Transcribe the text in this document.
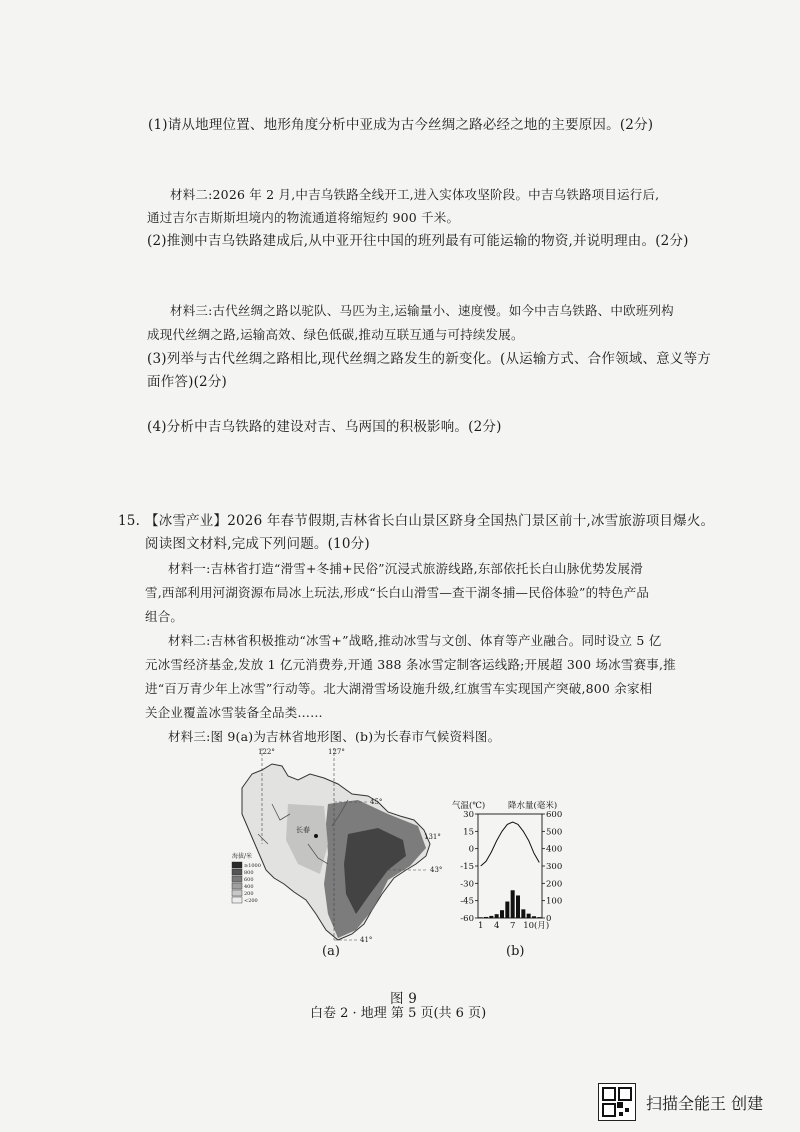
(1)请从地理位置、地形角度分析中亚成为古今丝绸之路必经之地的主要原因。(2分)
材料二:2026 年 2 月,中吉乌铁路全线开工,进入实体攻坚阶段。中吉乌铁路项目运行后,
通过吉尔吉斯斯坦境内的物流通道将缩短约 900 千米。
(2)推测中吉乌铁路建成后,从中亚开往中国的班列最有可能运输的物资,并说明理由。(2分)
材料三:古代丝绸之路以驼队、马匹为主,运输量小、速度慢。如今中吉乌铁路、中欧班列构
成现代丝绸之路,运输高效、绿色低碳,推动互联互通与可持续发展。
(3)列举与古代丝绸之路相比,现代丝绸之路发生的新变化。(从运输方式、合作领域、意义等方
面作答)(2分)
(4)分析中吉乌铁路的建设对吉、乌两国的积极影响。(2分)
15. 【冰雪产业】2026 年春节假期,吉林省长白山景区跻身全国热门景区前十,冰雪旅游项目爆火。
阅读图文材料,完成下列问题。(10分)
材料一:吉林省打造“滑雪+冬捕+民俗”沉浸式旅游线路,东部依托长白山脉优势发展滑
雪,西部利用河湖资源布局冰上玩法,形成“长白山滑雪—查干湖冬捕—民俗体验”的特色产品
组合。
材料二:吉林省积极推动“冰雪+”战略,推动冰雪与文创、体育等产业融合。同时设立 5 亿
元冰雪经济基金,发放 1 亿元消费券,开通 388 条冰雪定制客运线路;开展超 300 场冰雪赛事,推
进“百万青少年上冰雪”行动等。北大湖滑雪场设施升级,红旗雪车实现国产突破,800 余家相
关企业覆盖冰雪装备全品类……
材料三:图 9(a)为吉林省地形图、(b)为长春市气候资料图。
122°	127°
45°
131°
43°
41°
长春
海拔/米
≥1000
800
600
400
200
<200
气温(℃)	降水量(毫米)
30
15
0
-15
-30
-45
-60
600
500
400
300
200
100
0
1 4 7 10 (月)
(a)	(b)
图 9
白卷 2 · 地理 第 5 页(共 6 页)
扫描全能王 创建
